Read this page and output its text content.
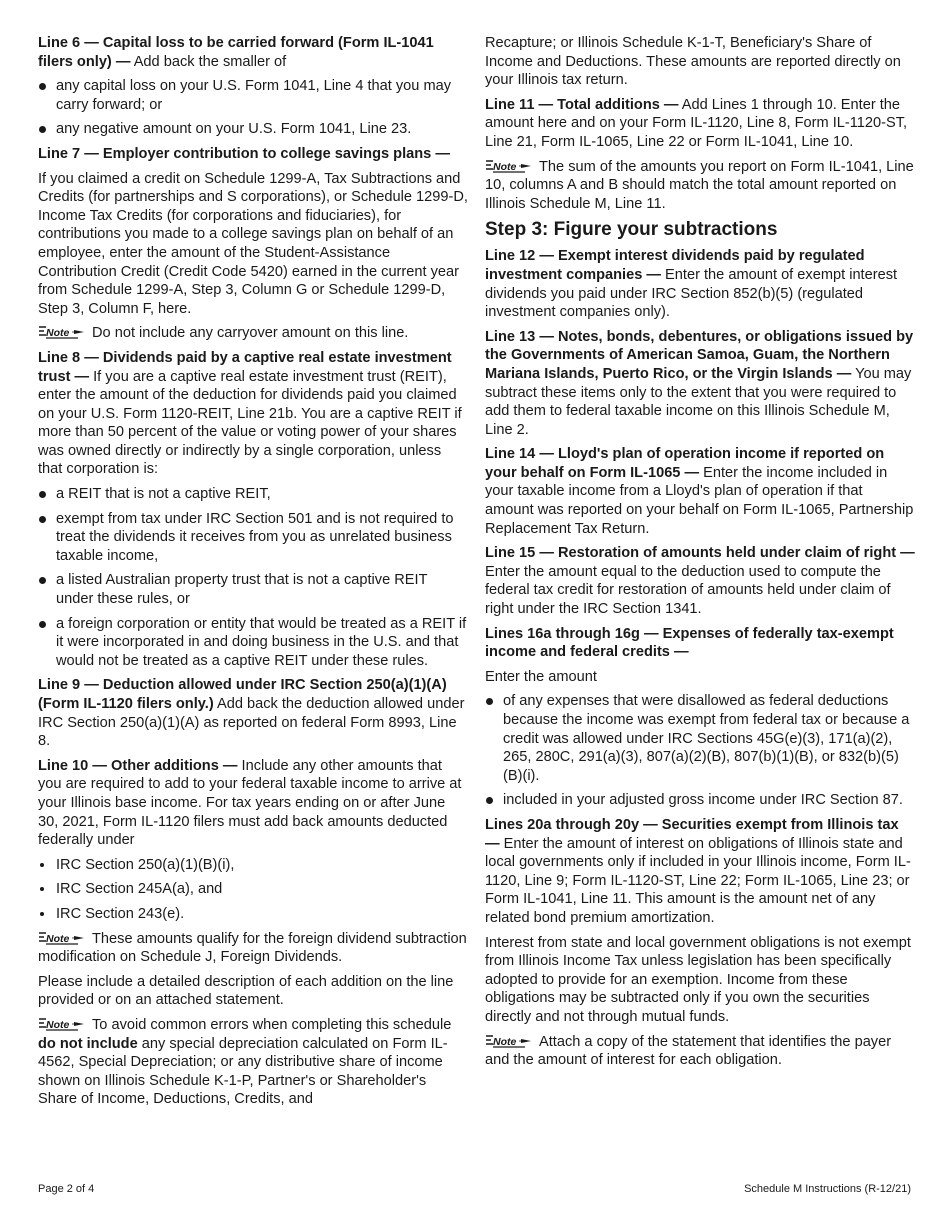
Line 6 — Capital loss to be carried forward (Form IL-1041 filers only) — Add back the smaller of

any capital loss on your U.S. Form 1041, Line 4 that you may carry forward; or
any negative amount on your U.S. Form 1041, Line 23.

Line 7 — Employer contribution to college savings plans —

If you claimed a credit on Schedule 1299-A, Tax Subtractions and Credits (for partnerships and S corporations), or Schedule 1299-D, Income Tax Credits (for corporations and fiduciaries), for contributions you made to a college savings plan on behalf of an employee, enter the amount of the Student-Assistance Contribution Credit (Credit Code 5420) earned in the current year from Schedule 1299-A, Step 3, Column G or Schedule 1299-D, Step 3, Column F, here.

Note Do not include any carryover amount on this line.

Line 8 — Dividends paid by a captive real estate investment trust — If you are a captive real estate investment trust (REIT), enter the amount of the deduction for dividends paid you claimed on your U.S. Form 1120-REIT, Line 21b. You are a captive REIT if more than 50 percent of the value or voting power of your shares was owned directly or indirectly by a single corporation, unless that corporation is:

a REIT that is not a captive REIT,
exempt from tax under IRC Section 501 and is not required to treat the dividends it receives from you as unrelated business taxable income,
a listed Australian property trust that is not a captive REIT under these rules, or
a foreign corporation or entity that would be treated as a REIT if it were incorporated in and doing business in the U.S. and that would not be treated as a captive REIT under these rules.

Line 9 — Deduction allowed under IRC Section 250(a)(1)(A) (Form IL-1120 filers only.) Add back the deduction allowed under IRC Section 250(a)(1)(A) as reported on federal Form 8993, Line 8.

Line 10 — Other additions — Include any other amounts that you are required to add to your federal taxable income to arrive at your Illinois base income. For tax years ending on or after June 30, 2021, Form IL-1120 filers must add back amounts deducted federally under

IRC Section 250(a)(1)(B)(i),
IRC Section 245A(a), and
IRC Section 243(e).

Note These amounts qualify for the foreign dividend subtraction modification on Schedule J, Foreign Dividends.

Please include a detailed description of each addition on the line provided or on an attached statement.

Note To avoid common errors when completing this schedule do not include any special depreciation calculated on Form IL-4562, Special Depreciation; or any distributive share of income shown on Illinois Schedule K-1-P, Partner's or Shareholder's Share of Income, Deductions, Credits, and

Recapture; or Illinois Schedule K-1-T, Beneficiary's Share of Income and Deductions. These amounts are reported directly on your Illinois tax return.

Line 11 — Total additions — Add Lines 1 through 10. Enter the amount here and on your Form IL-1120, Line 8, Form IL-1120-ST, Line 21, Form IL-1065, Line 22 or Form IL-1041, Line 10.

Note The sum of the amounts you report on Form IL-1041, Line 10, columns A and B should match the total amount reported on Illinois Schedule M, Line 11.

Step 3: Figure your subtractions

Line 12 — Exempt interest dividends paid by regulated investment companies — Enter the amount of exempt interest dividends you paid under IRC Section 852(b)(5) (regulated investment companies only).

Line 13 — Notes, bonds, debentures, or obligations issued by the Governments of American Samoa, Guam, the Northern Mariana Islands, Puerto Rico, or the Virgin Islands — You may subtract these items only to the extent that you were required to add them to federal taxable income on this Illinois Schedule M, Line 2.

Line 14 — Lloyd's plan of operation income if reported on your behalf on Form IL-1065 — Enter the income included in your taxable income from a Lloyd's plan of operation if that amount was reported on your behalf on Form IL-1065, Partnership Replacement Tax Return.

Line 15 — Restoration of amounts held under claim of right — Enter the amount equal to the deduction used to compute the federal tax credit for restoration of amounts held under claim of right under the IRC Section 1341.

Lines 16a through 16g — Expenses of federally tax-exempt income and federal credits —

Enter the amount

of any expenses that were disallowed as federal deductions because the income was exempt from federal tax or because a credit was allowed under IRC Sections 45G(e)(3), 171(a)(2), 265, 280C, 291(a)(3), 807(a)(2)(B), 807(b)(1)(B), or 832(b)(5)(B)(i).
included in your adjusted gross income under IRC Section 87.

Lines 20a through 20y — Securities exempt from Illinois tax — Enter the amount of interest on obligations of Illinois state and local governments only if included in your Illinois income, Form IL-1120, Line 9; Form IL-1120-ST, Line 22; Form IL-1065, Line 23; or Form IL-1041, Line 11. This amount is the amount net of any related bond premium amortization.

Interest from state and local government obligations is not exempt from Illinois Income Tax unless legislation has been specifically adopted to provide for an exemption. Income from these obligations may be subtracted only if you own the securities directly and not through mutual funds.

Note Attach a copy of the statement that identifies the payer and the amount of interest for each obligation.

Page 2 of 4	Schedule M Instructions (R-12/21)
